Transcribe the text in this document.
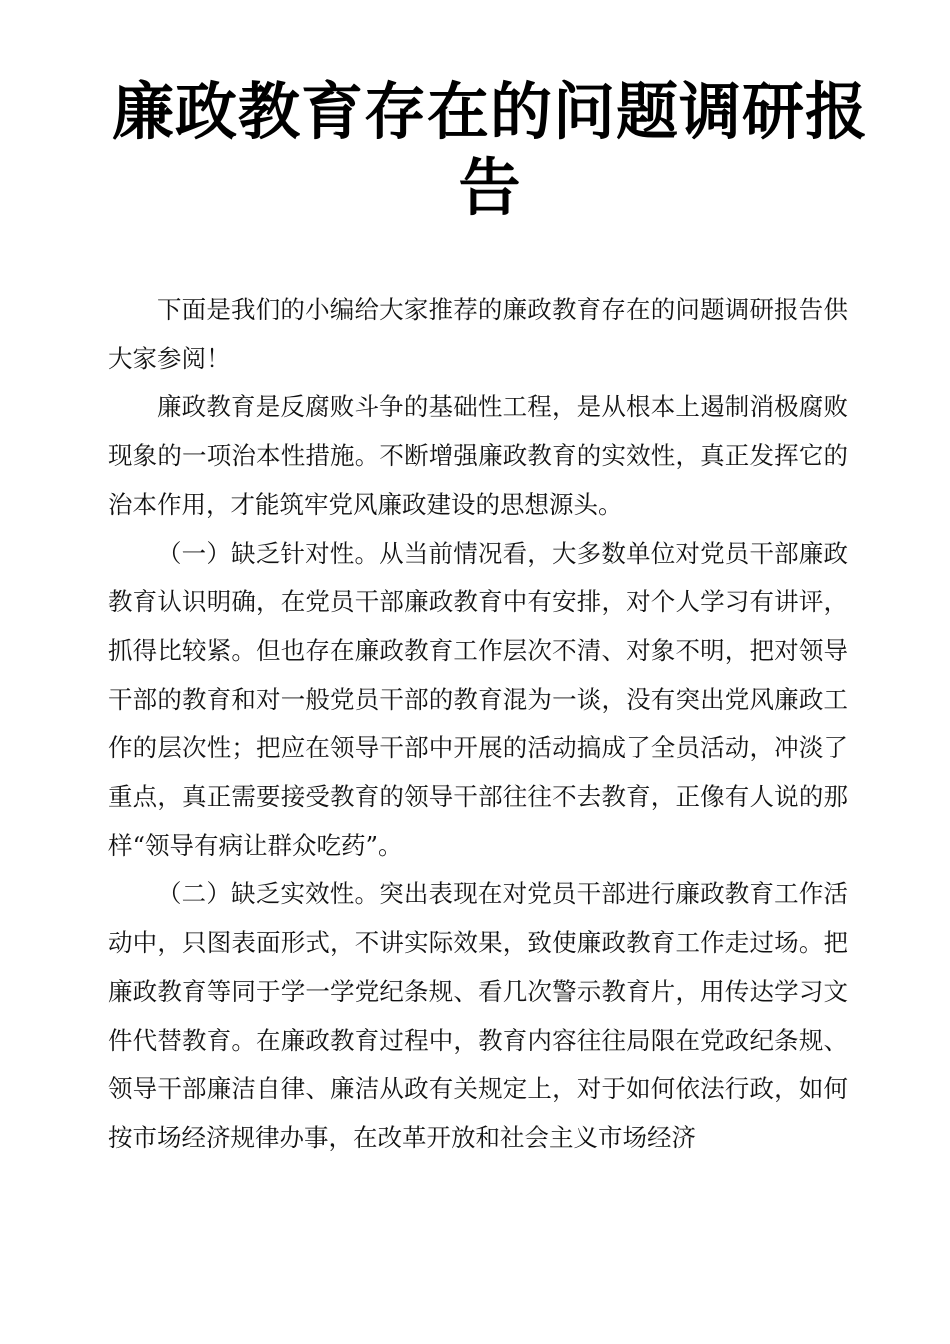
廉政教育存在的问题调研报告

下面是我们的小编给大家推荐的廉政教育存在的问题调研报告供大家参阅！

廉政教育是反腐败斗争的基础性工程，是从根本上遏制消极腐败现象的一项治本性措施。不断增强廉政教育的实效性，真正发挥它的治本作用，才能筑牢党风廉政建设的思想源头。

（一）缺乏针对性。从当前情况看，大多数单位对党员干部廉政教育认识明确，在党员干部廉政教育中有安排，对个人学习有讲评，抓得比较紧。但也存在廉政教育工作层次不清、对象不明，把对领导干部的教育和对一般党员干部的教育混为一谈，没有突出党风廉政工作的层次性；把应在领导干部中开展的活动搞成了全员活动，冲淡了重点，真正需要接受教育的领导干部往往不去教育，正像有人说的那样“领导有病让群众吃药”。

（二）缺乏实效性。突出表现在对党员干部进行廉政教育工作活动中，只图表面形式，不讲实际效果，致使廉政教育工作走过场。把廉政教育等同于学一学党纪条规、看几次警示教育片，用传达学习文件代替教育。在廉政教育过程中，教育内容往往局限在党政纪条规、领导干部廉洁自律、廉洁从政有关规定上，对于如何依法行政，如何按市场经济规律办事，在改革开放和社会主义市场经济
